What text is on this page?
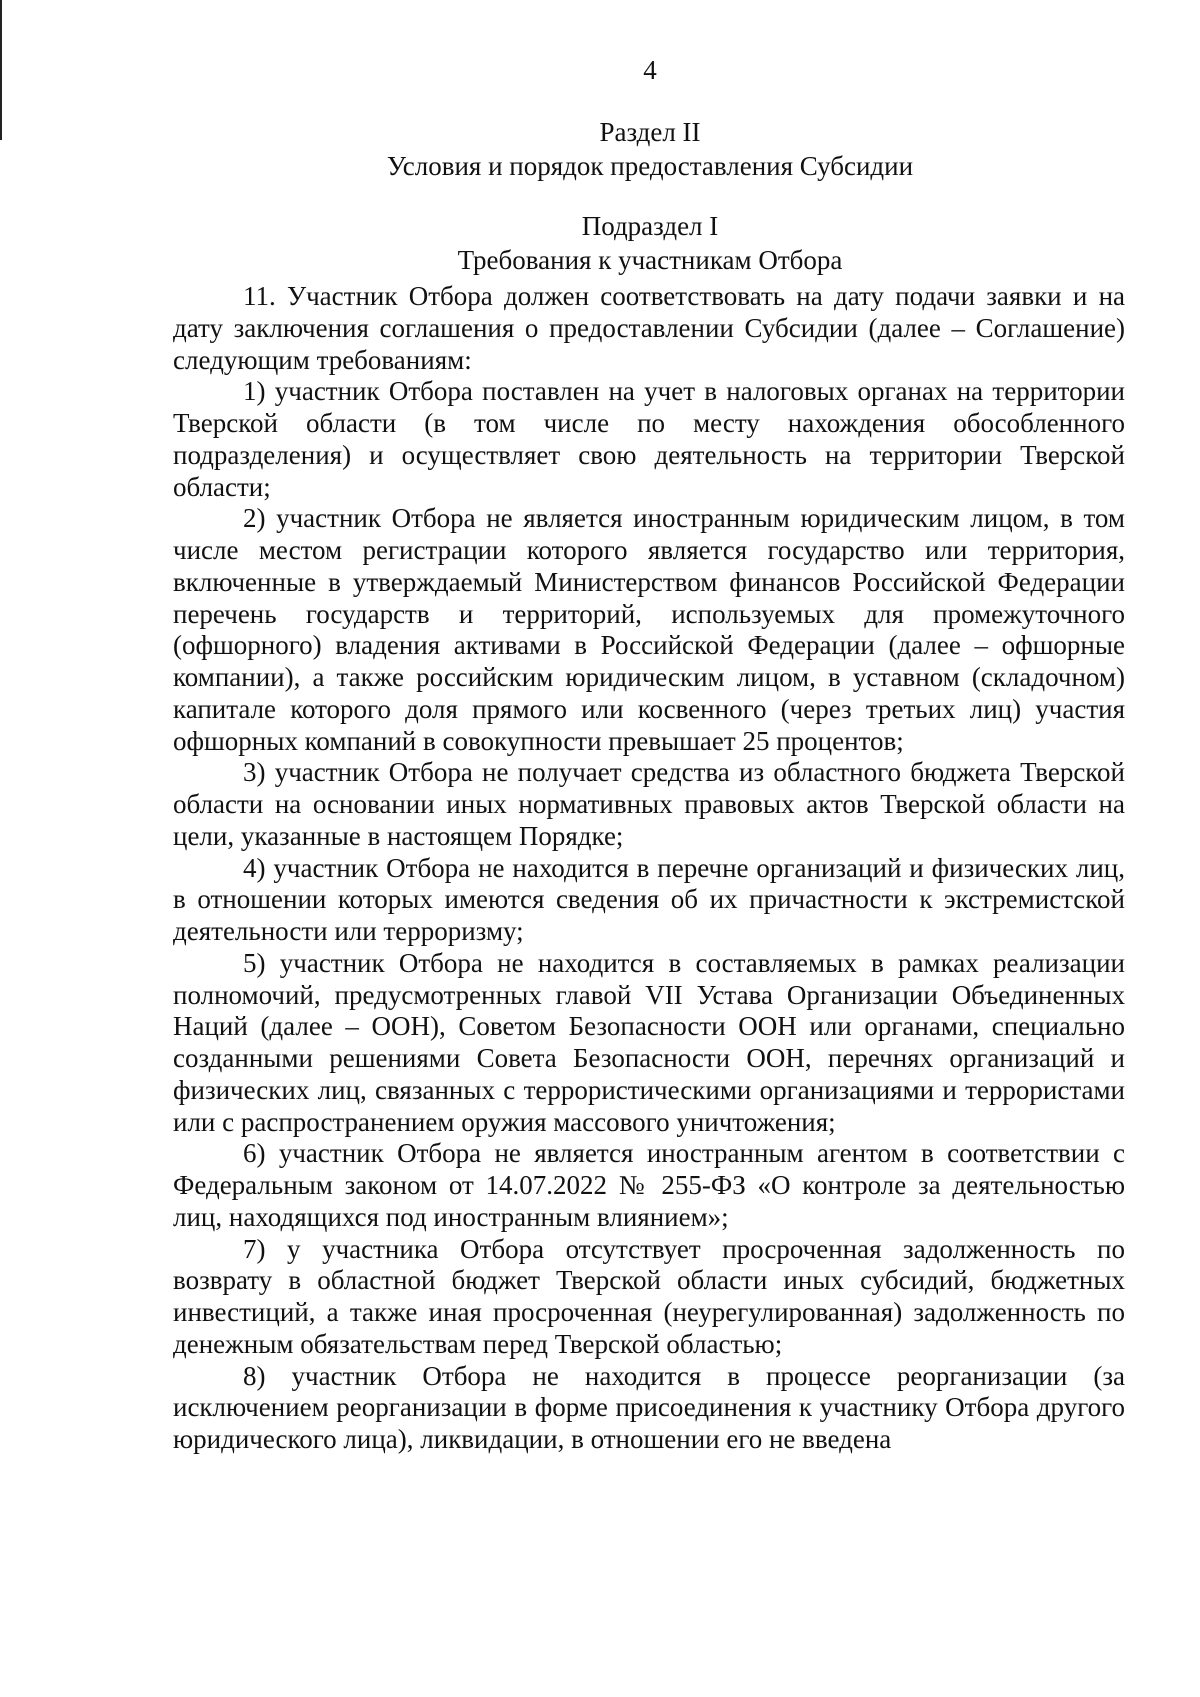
4
Раздел II
Условия и порядок предоставления Субсидии
Подраздел I
Требования к участникам Отбора

11. Участник Отбора должен соответствовать на дату подачи заявки и на дату заключения соглашения о предоставлении Субсидии (далее – Соглашение) следующим требованиям:

1) участник Отбора поставлен на учет в налоговых органах на территории Тверской области (в том числе по месту нахождения обособленного подразделения) и осуществляет свою деятельность на территории Тверской области;

2) участник Отбора не является иностранным юридическим лицом, в том числе местом регистрации которого является государство или территория, включенные в утверждаемый Министерством финансов Российской Федерации перечень государств и территорий, используемых для промежуточного (офшорного) владения активами в Российской Федерации (далее – офшорные компании), а также российским юридическим лицом, в уставном (складочном) капитале которого доля прямого или косвенного (через третьих лиц) участия офшорных компаний в совокупности превышает 25 процентов;

3) участник Отбора не получает средства из областного бюджета Тверской области на основании иных нормативных правовых актов Тверской области на цели, указанные в настоящем Порядке;

4) участник Отбора не находится в перечне организаций и физических лиц, в отношении которых имеются сведения об их причастности к экстремистской деятельности или терроризму;

5) участник Отбора не находится в составляемых в рамках реализации полномочий, предусмотренных главой VII Устава Организации Объединенных Наций (далее – ООН), Советом Безопасности ООН или органами, специально созданными решениями Совета Безопасности ООН, перечнях организаций и физических лиц, связанных с террористическими организациями и террористами или с распространением оружия массового уничтожения;

6) участник Отбора не является иностранным агентом в соответствии с Федеральным законом от 14.07.2022 № 255-ФЗ «О контроле за деятельностью лиц, находящихся под иностранным влиянием»;

7) у участника Отбора отсутствует просроченная задолженность по возврату в областной бюджет Тверской области иных субсидий, бюджетных инвестиций, а также иная просроченная (неурегулированная) задолженность по денежным обязательствам перед Тверской областью;

8) участник Отбора не находится в процессе реорганизации (за исключением реорганизации в форме присоединения к участнику Отбора другого юридического лица), ликвидации, в отношении его не введена
